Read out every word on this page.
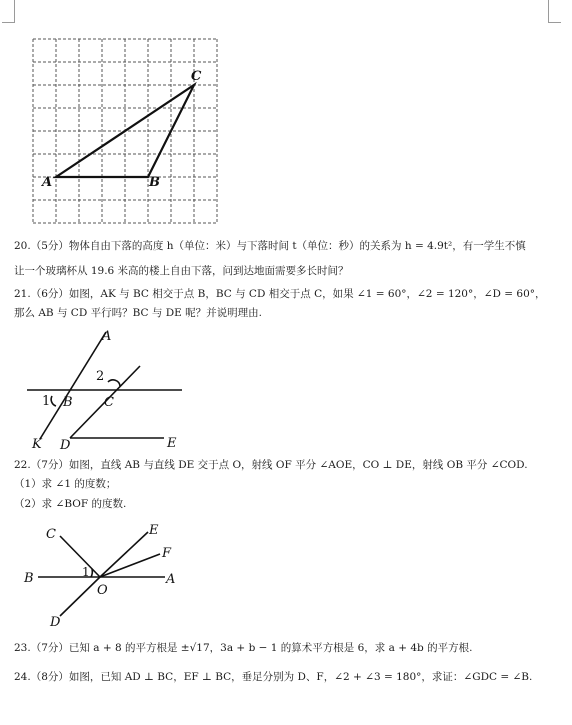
A	B
C
20.（5分）物体自由下落的高度 h（单位：米）与下落时间 t（单位：秒）的关系为 h = 4.9t²，有一学生不慎
让一个玻璃杯从 19.6 米高的楼上自由下落，问到达地面需要多长时间？
21.（6分）如图，AK 与 BC 相交于点 B，BC 与 CD 相交于点 C，如果 ∠1 = 60°，∠2 = 120°，∠D = 60°，
那么 AB 与 CD 平行吗？BC 与 DE 呢？并说明理由.
A
1 B
2
C
K D	E
22.（7分）如图，直线 AB 与直线 DE 交于点 O，射线 OF 平分 ∠AOE，CO ⊥ DE，射线 OB 平分 ∠COD.
（1）求 ∠1 的度数；
（2）求 ∠BOF 的度数.
C	E
F
1
B	A
O
D
23.（7分）已知 a + 8 的平方根是 ±√17，3a + b − 1 的算术平方根是 6，求 a + 4b 的平方根.
24.（8分）如图，已知 AD ⊥ BC，EF ⊥ BC，垂足分别为 D、F，∠2 + ∠3 = 180°，求证：∠GDC = ∠B.
